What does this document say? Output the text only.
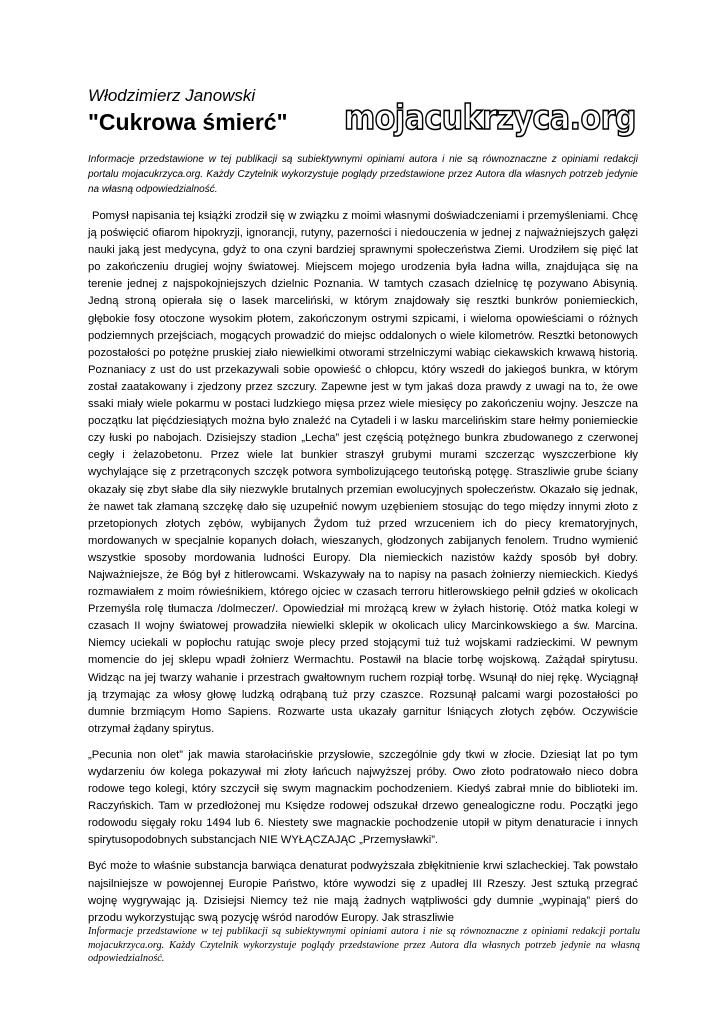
Włodzimierz Janowski
"Cukrowa śmierć" mojacukrzyca.org
Informacje przedstawione w tej publikacji są subiektywnymi opiniami autora i nie są równoznaczne z opiniami redakcji portalu mojacukrzyca.org. Każdy Czytelnik wykorzystuje poglądy przedstawione przez Autora dla własnych potrzeb jedynie na własną odpowiedzialność.

Pomysł napisania tej książki zrodził się w związku z moimi własnymi doświadczeniami i przemyśleniami. Chcę ją poświęcić ofiarom hipokryzji, ignorancji, rutyny, pazerności i niedouczenia w jednej z najważniejszych gałęzi nauki jaką jest medycyna, gdyż to ona czyni bardziej sprawnymi społeczeństwa Ziemi. Urodziłem się pięć lat po zakończeniu drugiej wojny światowej. Miejscem mojego urodzenia była ładna willa, znajdująca się na terenie jednej z najspokojniejszych dzielnic Poznania. W tamtych czasach dzielnicę tę pozywano Abisynią. Jedną stroną opierała się o lasek marceliński, w którym znajdowały się resztki bunkrów poniemieckich, głębokie fosy otoczone wysokim płotem, zakończonym ostrymi szpicami, i wieloma opowieściami o różnych podziemnych przejściach, mogących prowadzić do miejsc oddalonych o wiele kilometrów. Resztki betonowych pozostałości po potężne pruskiej ziało niewielkimi otworami strzelniczymi wabiąc ciekawskich krwawą historią. Poznaniacy z ust do ust przekazywali sobie opowieść o chłopcu, który wszedł do jakiegoś bunkra, w którym został zaatakowany i zjedzony przez szczury. Zapewne jest w tym jakaś doza prawdy z uwagi na to, że owe ssaki miały wiele pokarmu w postaci ludzkiego mięsa przez wiele miesięcy po zakończeniu wojny. Jeszcze na początku lat pięćdziesiątych można było znaleźć na Cytadeli i w lasku marcelińskim stare hełmy poniemieckie czy łuski po nabojach. Dzisiejszy stadion „Lecha” jest częścią potężnego bunkra zbudowanego z czerwonej cegły i żelazobetonu. Przez wiele lat bunkier straszył grubymi murami szczerząc wyszczerbione kły wychylające się z przetrąconych szczęk potwora symbolizującego teutońską potęgę. Straszliwie grube ściany okazały się zbyt słabe dla siły niezwykle brutalnych przemian ewolucyjnych społeczeństw. Okazało się jednak, że nawet tak złamaną szczękę dało się uzupełnić nowym uzębieniem stosując do tego między innymi złoto z przetopionych złotych zębów, wybijanych Żydom tuż przed wrzuceniem ich do piecy krematoryjnych, mordowanych w specjalnie kopanych dołach, wieszanych, głodzonych zabijanych fenolem. Trudno wymienić wszystkie sposoby mordowania ludności Europy. Dla niemieckich nazistów każdy sposób był dobry. Najważniejsze, że Bóg był z hitlerowcami. Wskazywały na to napisy na pasach żołnierzy niemieckich. Kiedyś rozmawiałem z moim rówieśnikiem, którego ojciec w czasach terroru hitlerowskiego pełnił gdzieś w okolicach Przemyśla rolę tłumacza /dolmeczer/. Opowiedział mi mrożącą krew w żyłach historię. Otóż matka kolegi w czasach II wojny światowej prowadziła niewielki sklepik w okolicach ulicy Marcinkowskiego a św. Marcina. Niemcy uciekali w popłochu ratując swoje plecy przed stojącymi tuż tuż wojskami radzieckimi. W pewnym momencie do jej sklepu wpadł żołnierz Wermachtu. Postawił na blacie torbę wojskową. Zażądał spirytusu. Widząc na jej twarzy wahanie i przestrach gwałtownym ruchem rozpiął torbę. Wsunął do niej rękę. Wyciągnął ją trzymając za włosy głowę ludzką odrąbaną tuż przy czaszce. Rozsunął palcami wargi pozostałości po dumnie brzmiącym Homo Sapiens. Rozwarte usta ukazały garnitur lśniących złotych zębów. Oczywiście otrzymał żądany spirytus.

„Pecunia non olet” jak mawia starołacińskie przysłowie, szczególnie gdy tkwi w złocie. Dziesiąt lat po tym wydarzeniu ów kolega pokazywał mi złoty łańcuch najwyższej próby. Owo złoto podratowało nieco dobra rodowe tego kolegi, który szczycił się swym magnackim pochodzeniem. Kiedyś zabrał mnie do biblioteki im. Raczyńskich. Tam w przedłożonej mu Księdze rodowej odszukał drzewo genealogiczne rodu. Początki jego rodowodu sięgały roku 1494 lub 6. Niestety swe magnackie pochodzenie utopił w pitym denaturacie i innych spirytusopodobnych substancjach NIE WYŁĄCZAJĄC „Przemysławki”.

Być może to właśnie substancja barwiąca denaturat podwyższała zbłękitnienie krwi szlacheckiej. Tak powstało najsilniejsze w powojennej Europie Państwo, które wywodzi się z upadłej III Rzeszy. Jest sztuką przegrać wojnę wygrywając ją. Dzisiejsi Niemcy też nie mają żadnych wątpliwości gdy dumnie „wypinają” pierś do przodu wykorzystując swą pozycję wśród narodów Europy. Jak straszliwie

Informacje przedstawione w tej publikacji są subiektywnymi opiniami autora i nie są równoznaczne z opiniami redakcji portalu mojacukrzyca.org. Każdy Czytelnik wykorzystuje poglądy przedstawione przez Autora dla własnych potrzeb jedynie na własną odpowiedzialność.
